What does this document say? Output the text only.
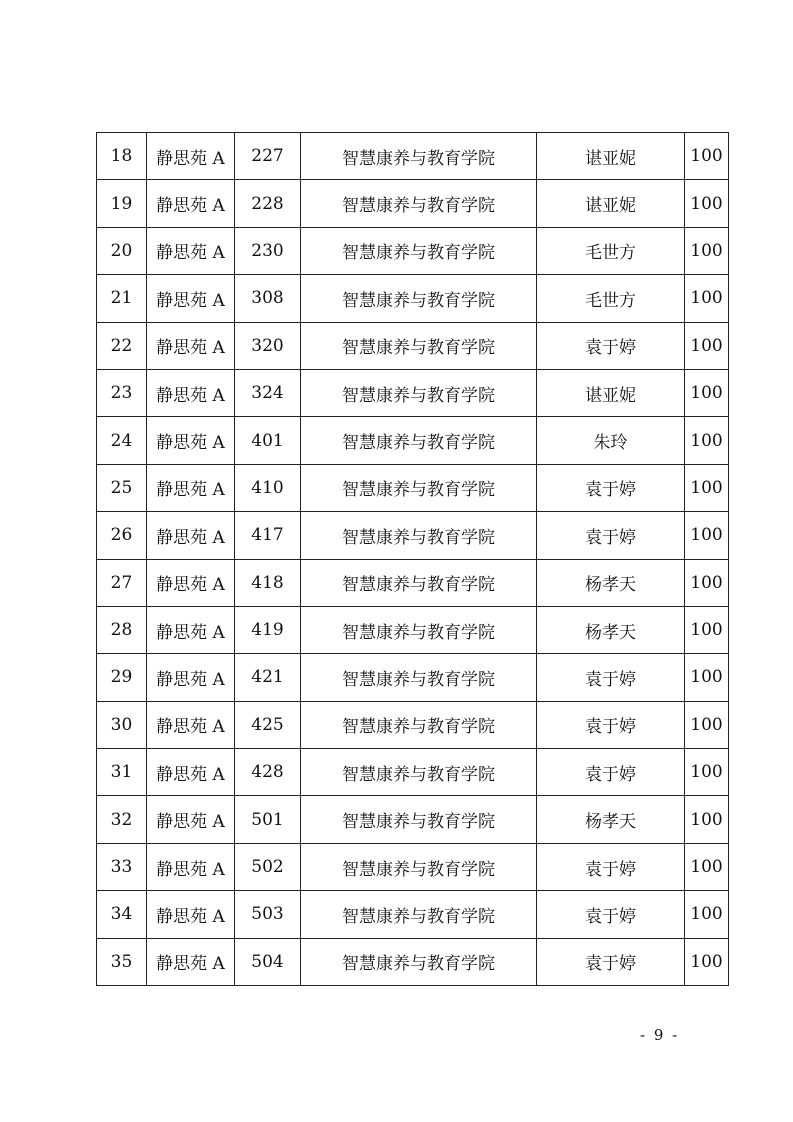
18	静思苑 A	227	智慧康养与教育学院	谌亚妮	100
19	静思苑 A	228	智慧康养与教育学院	谌亚妮	100
20	静思苑 A	230	智慧康养与教育学院	毛世方	100
21	静思苑 A	308	智慧康养与教育学院	毛世方	100
22	静思苑 A	320	智慧康养与教育学院	袁于婷	100
23	静思苑 A	324	智慧康养与教育学院	谌亚妮	100
24	静思苑 A	401	智慧康养与教育学院	朱玲	100
25	静思苑 A	410	智慧康养与教育学院	袁于婷	100
26	静思苑 A	417	智慧康养与教育学院	袁于婷	100
27	静思苑 A	418	智慧康养与教育学院	杨孝天	100
28	静思苑 A	419	智慧康养与教育学院	杨孝天	100
29	静思苑 A	421	智慧康养与教育学院	袁于婷	100
30	静思苑 A	425	智慧康养与教育学院	袁于婷	100
31	静思苑 A	428	智慧康养与教育学院	袁于婷	100
32	静思苑 A	501	智慧康养与教育学院	杨孝天	100
33	静思苑 A	502	智慧康养与教育学院	袁于婷	100
34	静思苑 A	503	智慧康养与教育学院	袁于婷	100
35	静思苑 A	504	智慧康养与教育学院	袁于婷	100
- 9 -
